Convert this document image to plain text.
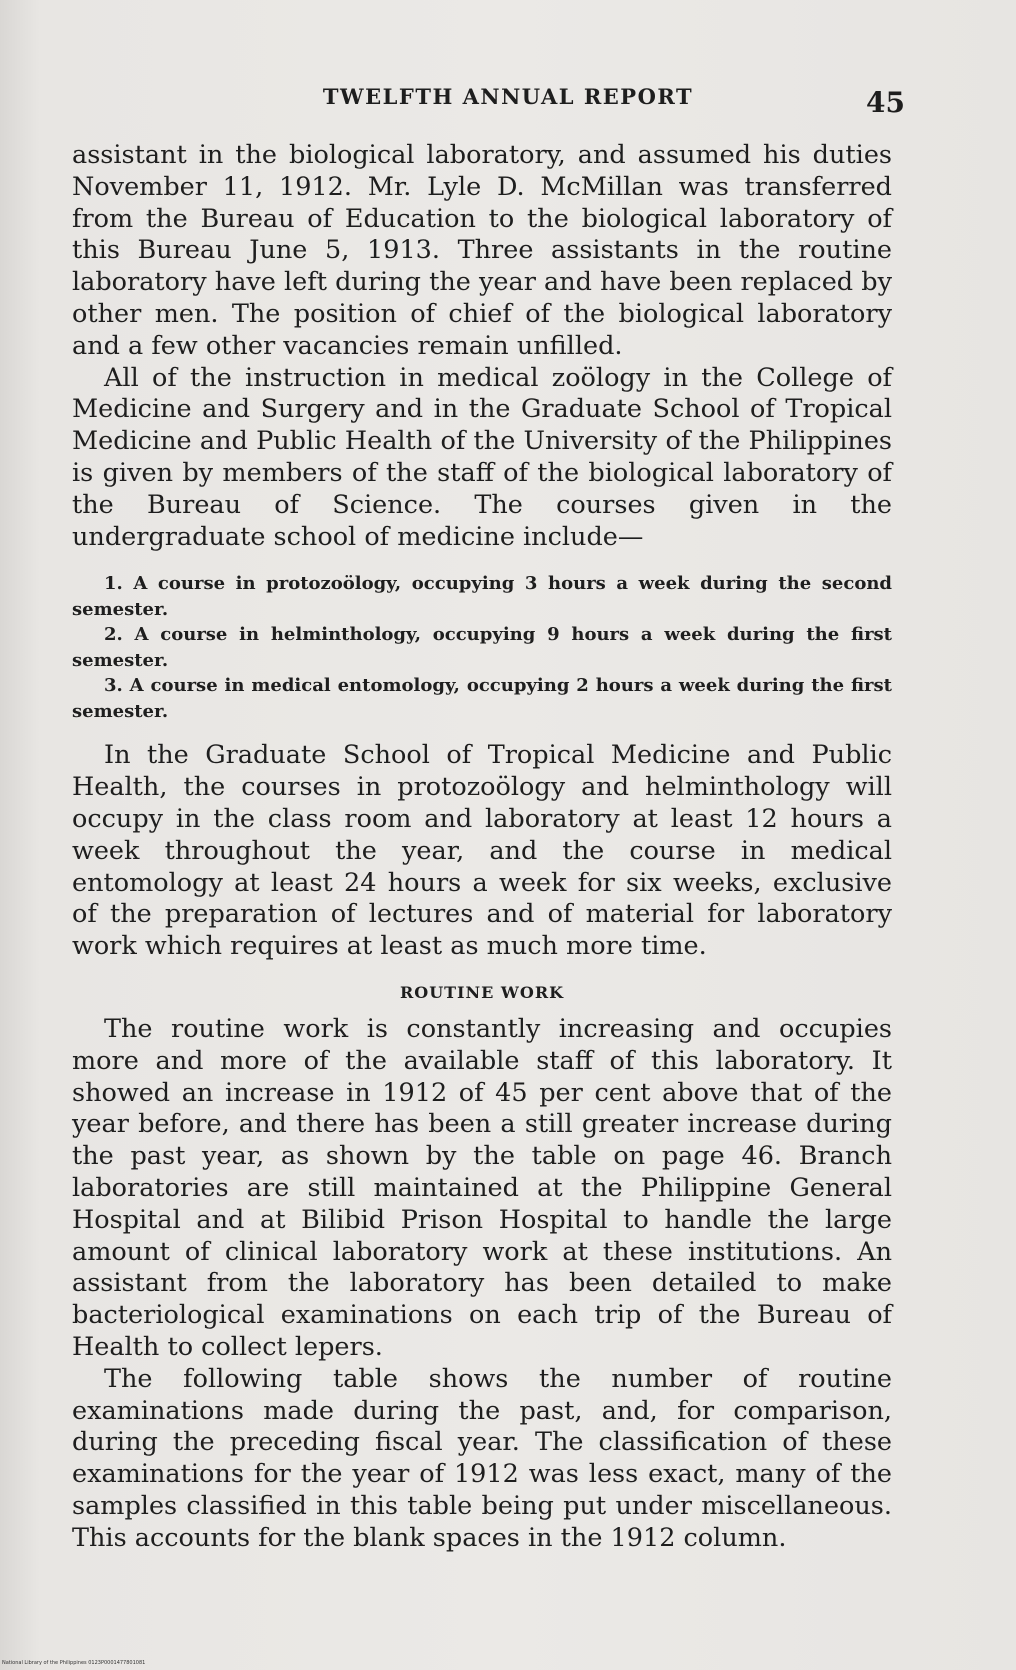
TWELFTH ANNUAL REPORT	45

assistant in the biological laboratory, and assumed his duties November 11, 1912. Mr. Lyle D. McMillan was transferred from the Bureau of Education to the biological laboratory of this Bureau June 5, 1913. Three assistants in the routine laboratory have left during the year and have been replaced by other men. The position of chief of the biological laboratory and a few other vacancies remain unfilled.

All of the instruction in medical zoölogy in the College of Medicine and Surgery and in the Graduate School of Tropical Medicine and Public Health of the University of the Philippines is given by members of the staff of the biological laboratory of the Bureau of Science. The courses given in the undergraduate school of medicine include—

1. A course in protozoölogy, occupying 3 hours a week during the second semester.

2. A course in helminthology, occupying 9 hours a week during the first semester.

3. A course in medical entomology, occupying 2 hours a week during the first semester.

In the Graduate School of Tropical Medicine and Public Health, the courses in protozoölogy and helminthology will occupy in the class room and laboratory at least 12 hours a week throughout the year, and the course in medical entomology at least 24 hours a week for six weeks, exclusive of the preparation of lectures and of material for laboratory work which requires at least as much more time.

ROUTINE WORK

The routine work is constantly increasing and occupies more and more of the available staff of this laboratory. It showed an increase in 1912 of 45 per cent above that of the year before, and there has been a still greater increase during the past year, as shown by the table on page 46. Branch laboratories are still maintained at the Philippine General Hospital and at Bilibid Prison Hospital to handle the large amount of clinical laboratory work at these institutions. An assistant from the laboratory has been detailed to make bacteriological examinations on each trip of the Bureau of Health to collect lepers.

The following table shows the number of routine examinations made during the past, and, for comparison, during the preceding fiscal year. The classification of these examinations for the year of 1912 was less exact, many of the samples classified in this table being put under miscellaneous. This accounts for the blank spaces in the 1912 column.

National Library of the Philippines 0123P0001477801081
